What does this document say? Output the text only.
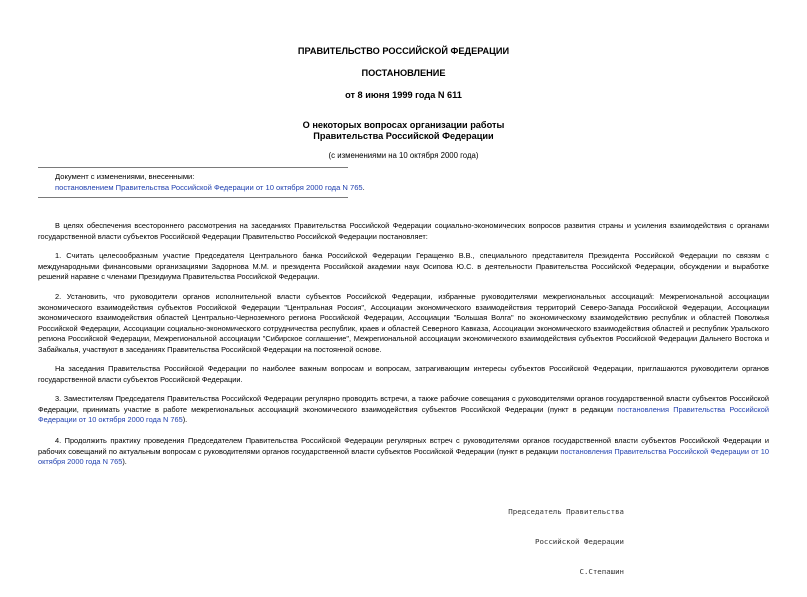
ПРАВИТЕЛЬСТВО РОССИЙСКОЙ ФЕДЕРАЦИИ
ПОСТАНОВЛЕНИЕ
от 8 июня 1999 года N 611
О некоторых вопросах организации работы
Правительства Российской Федерации
(с изменениями на 10 октября 2000 года)
Документ с изменениями, внесенными:
постановлением Правительства Российской Федерации от 10 октября 2000 года N 765.

В целях обеспечения всестороннего рассмотрения на заседаниях Правительства Российской Федерации социально-экономических вопросов развития страны и усиления взаимодействия с органами государственной власти субъектов Российской Федерации Правительство Российской Федерации постановляет:

1. Считать целесообразным участие Председателя Центрального банка Российской Федерации Геращенко В.В., специального представителя Президента Российской Федерации по связям с международными финансовыми организациями Задорнова М.М. и президента Российской академии наук Осипова Ю.С. в деятельности Правительства Российской Федерации, обсуждении и выработке решений наравне с членами Президиума Правительства Российской Федерации.

2. Установить, что руководители органов исполнительной власти субъектов Российской Федерации, избранные руководителями межрегиональных ассоциаций: Межрегиональной ассоциации экономического взаимодействия субъектов Российской Федерации "Центральная Россия", Ассоциации экономического взаимодействия территорий Северо-Запада Российской Федерации, Ассоциации экономического взаимодействия областей Центрально-Черноземного региона Российской Федерации, Ассоциации "Большая Волга" по экономическому взаимодействию республик и областей Поволжья Российской Федерации, Ассоциации социально-экономического сотрудничества республик, краев и областей Северного Кавказа, Ассоциации экономического взаимодействия областей и республик Уральского региона Российской Федерации, Межрегиональной ассоциации "Сибирское соглашение", Межрегиональной ассоциации экономического взаимодействия субъектов Российской Федерации Дальнего Востока и Забайкалья, участвуют в заседаниях Правительства Российской Федерации на постоянной основе.

На заседания Правительства Российской Федерации по наиболее важным вопросам и вопросам, затрагивающим интересы субъектов Российской Федерации, приглашаются руководители органов государственной власти субъектов Российской Федерации.

3. Заместителям Председателя Правительства Российской Федерации регулярно проводить встречи, а также рабочие совещания с руководителями органов государственной власти субъектов Российской Федерации, принимать участие в работе межрегиональных ассоциаций экономического взаимодействия субъектов Российской Федерации (пункт в редакции постановления Правительства Российской Федерации от 10 октября 2000 года N 765).

4. Продолжить практику проведения Председателем Правительства Российской Федерации регулярных встреч с руководителями органов государственной власти субъектов Российской Федерации и рабочих совещаний по актуальным вопросам с руководителями органов государственной власти субъектов Российской Федерации (пункт в редакции постановления Правительства Российской Федерации от 10 октября 2000 года N 765).

Председатель Правительства

Российской Федерации

С.Степашин
